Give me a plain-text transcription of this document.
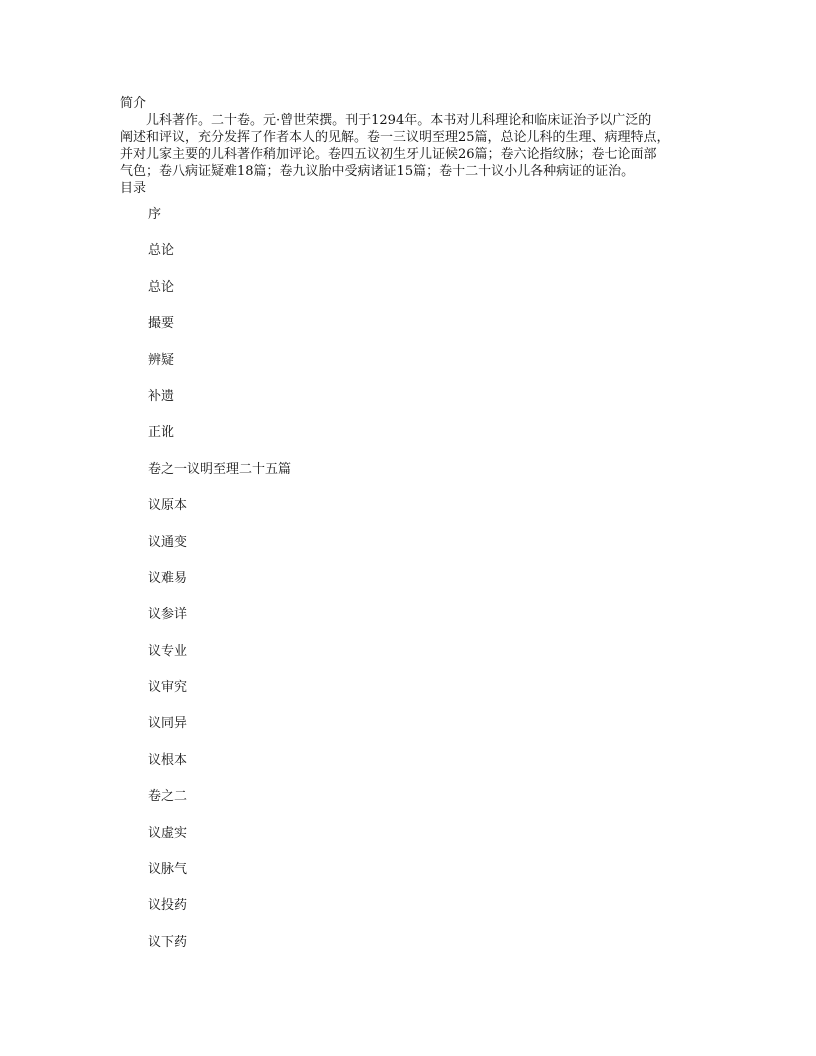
简介
儿科著作。二十卷。元·曾世荣撰。刊于1294年。本书对儿科理论和临床证治予以广泛的
阐述和评议，充分发挥了作者本人的见解。卷一三议明至理25篇，总论儿科的生理、病理特点，
并对儿家主要的儿科著作稍加评论。卷四五议初生牙儿证候26篇；卷六论指纹脉；卷七论面部
气色；卷八病证疑难18篇；卷九议胎中受病诸证15篇；卷十二十议小儿各种病证的证治。
目录
序
总论
总论
撮要
辨疑
补遗
正讹
卷之一议明至理二十五篇
议原本
议通变
议难易
议参详
议专业
议审究
议同异
议根本
卷之二
议虚实
议脉气
议投药
议下药
